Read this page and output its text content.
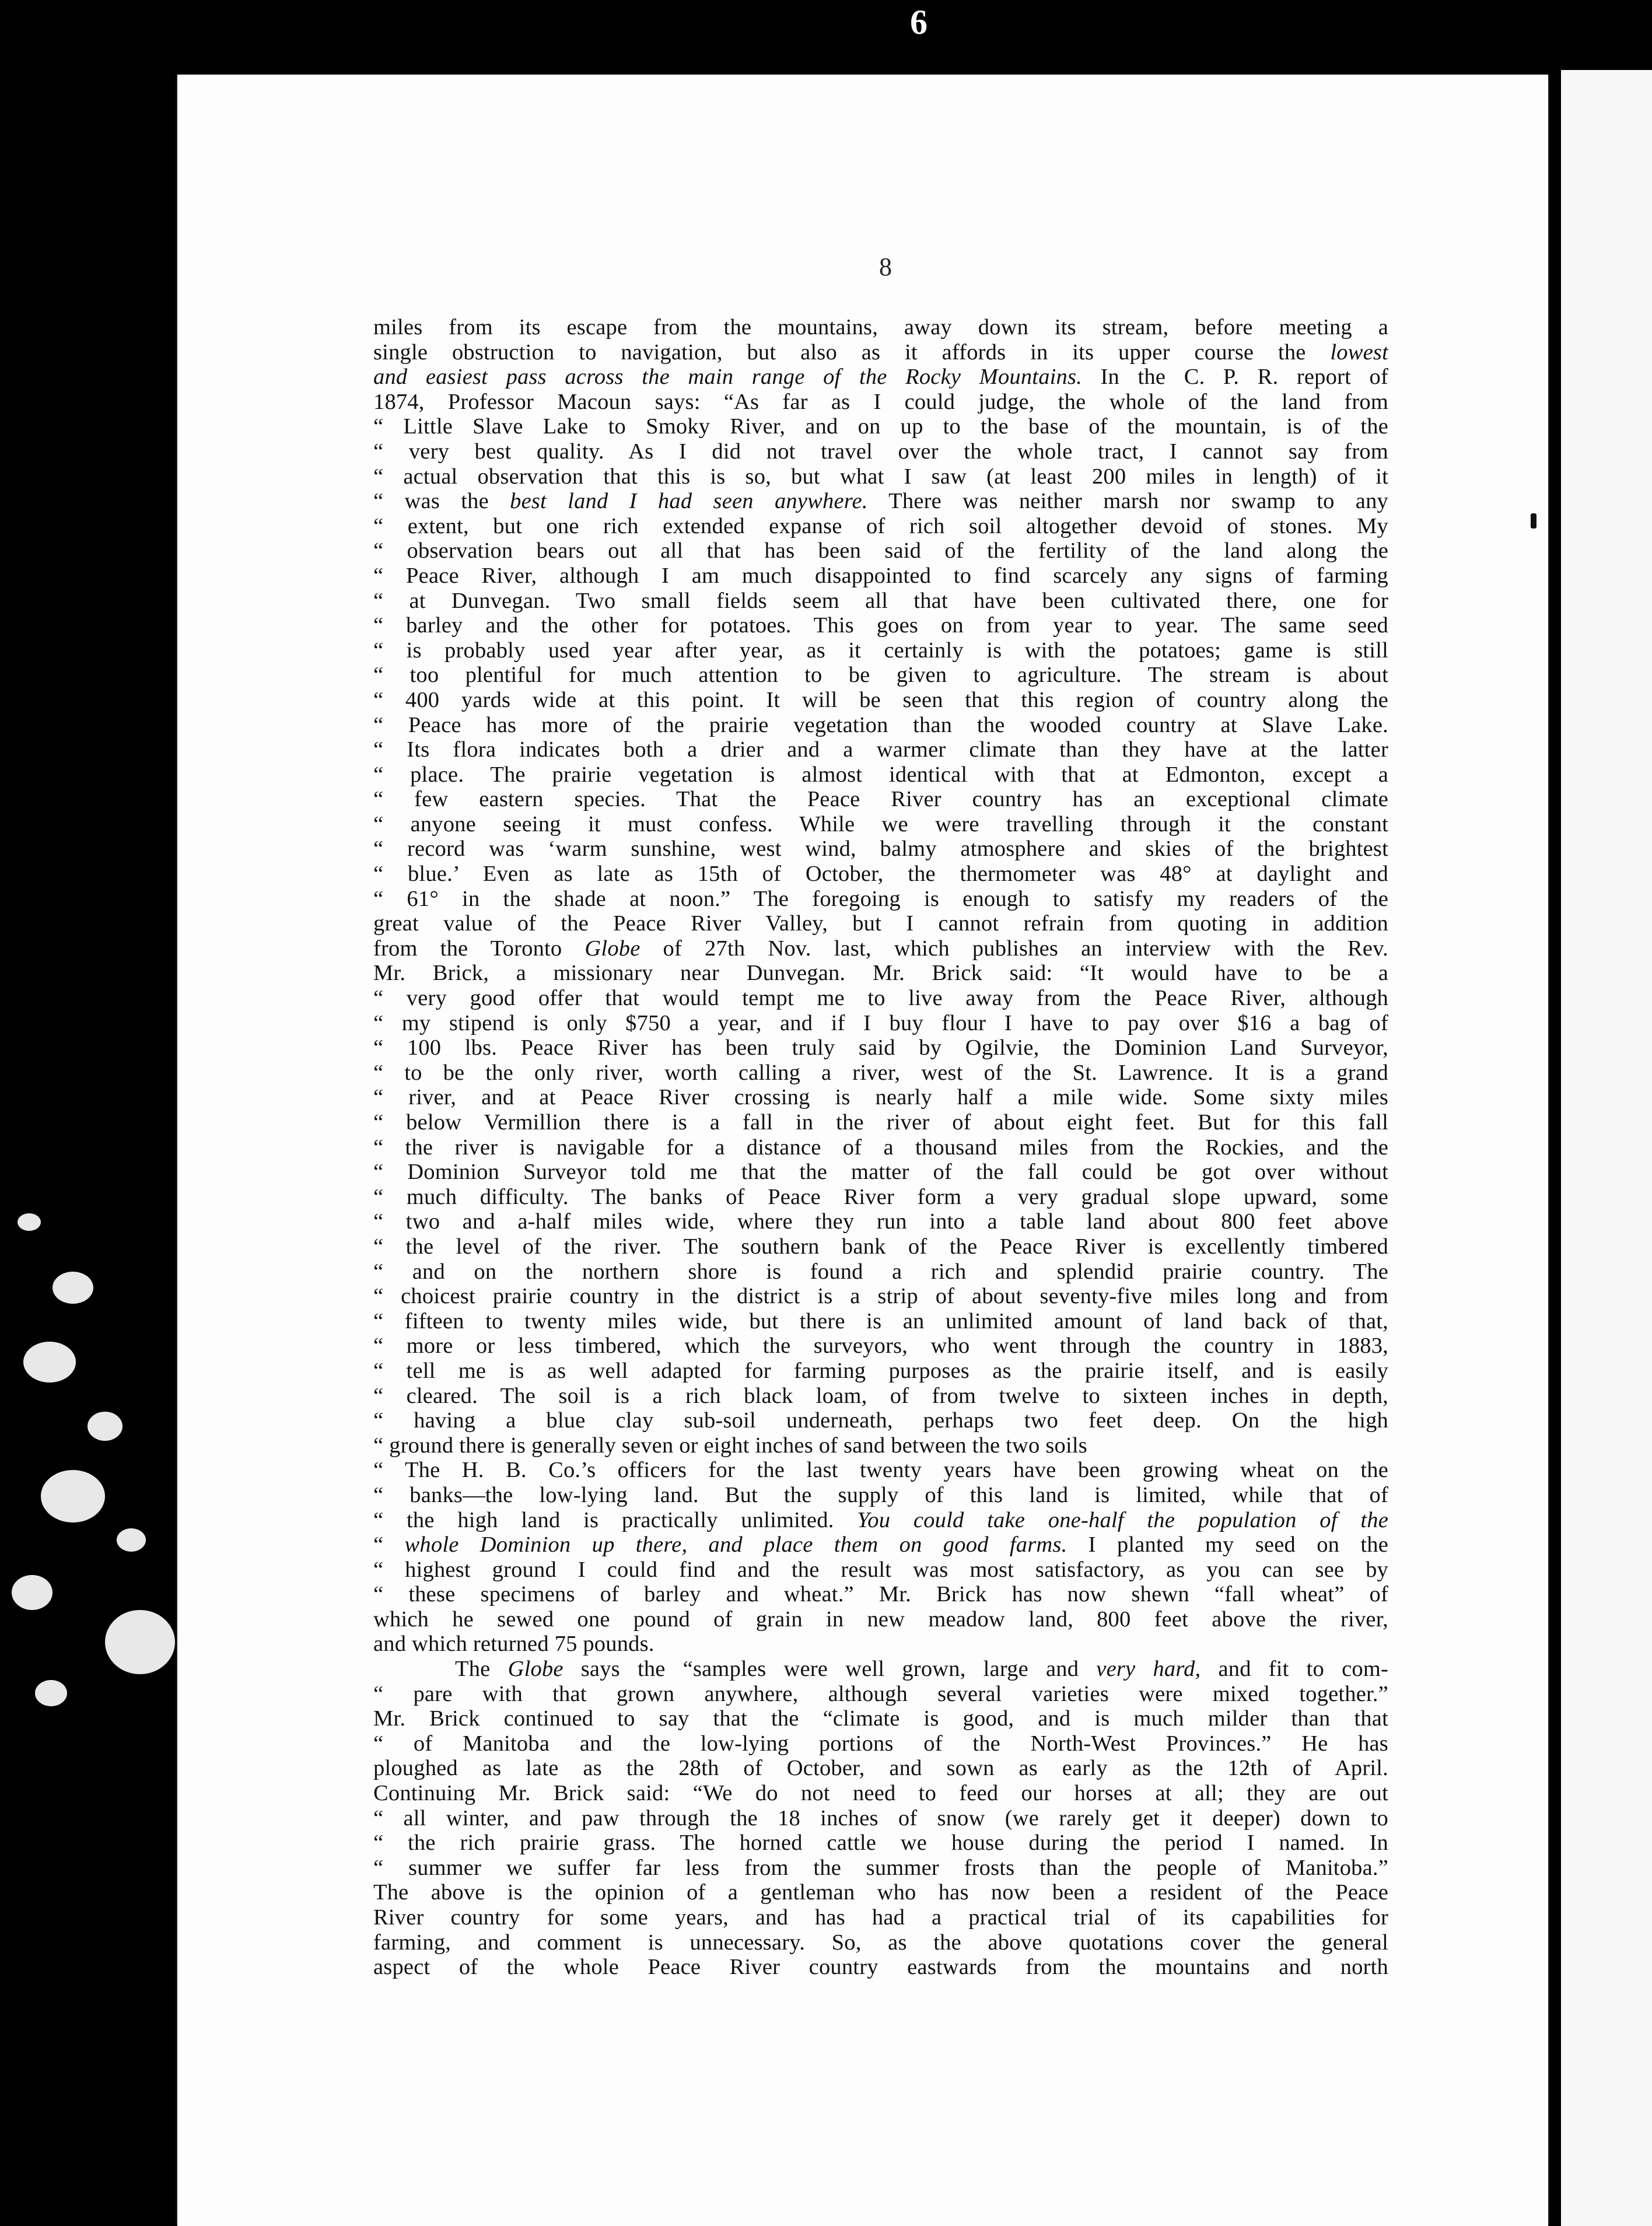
6
8
miles from its escape from the mountains, away down its stream, before meeting a
single obstruction to navigation, but also as it affords in its upper course the lowest
and easiest pass across the main range of the Rocky Mountains. In the C. P. R. report of
1874, Professor Macoun says: “As far as I could judge, the whole of the land from
“ Little Slave Lake to Smoky River, and on up to the base of the mountain, is of the
“ very best quality. As I did not travel over the whole tract, I cannot say from
“ actual observation that this is so, but what I saw (at least 200 miles in length) of it
“ was the best land I had seen anywhere. There was neither marsh nor swamp to any
“ extent, but one rich extended expanse of rich soil altogether devoid of stones. My
“ observation bears out all that has been said of the fertility of the land along the
“ Peace River, although I am much disappointed to find scarcely any signs of farming
“ at Dunvegan. Two small fields seem all that have been cultivated there, one for
“ barley and the other for potatoes. This goes on from year to year. The same seed
“ is probably used year after year, as it certainly is with the potatoes; game is still
“ too plentiful for much attention to be given to agriculture. The stream is about
“ 400 yards wide at this point. It will be seen that this region of country along the
“ Peace has more of the prairie vegetation than the wooded country at Slave Lake.
“ Its flora indicates both a drier and a warmer climate than they have at the latter
“ place. The prairie vegetation is almost identical with that at Edmonton, except a
“ few eastern species. That the Peace River country has an exceptional climate
“ anyone seeing it must confess. While we were travelling through it the constant
“ record was ‘warm sunshine, west wind, balmy atmosphere and skies of the brightest
“ blue.’ Even as late as 15th of October, the thermometer was 48° at daylight and
“ 61° in the shade at noon.” The foregoing is enough to satisfy my readers of the
great value of the Peace River Valley, but I cannot refrain from quoting in addition
from the Toronto Globe of 27th Nov. last, which publishes an interview with the Rev.
Mr. Brick, a missionary near Dunvegan. Mr. Brick said: “It would have to be a
“ very good offer that would tempt me to live away from the Peace River, although
“ my stipend is only $750 a year, and if I buy flour I have to pay over $16 a bag of
“ 100 lbs. Peace River has been truly said by Ogilvie, the Dominion Land Surveyor,
“ to be the only river, worth calling a river, west of the St. Lawrence. It is a grand
“ river, and at Peace River crossing is nearly half a mile wide. Some sixty miles
“ below Vermillion there is a fall in the river of about eight feet. But for this fall
“ the river is navigable for a distance of a thousand miles from the Rockies, and the
“ Dominion Surveyor told me that the matter of the fall could be got over without
“ much difficulty. The banks of Peace River form a very gradual slope upward, some
“ two and a-half miles wide, where they run into a table land about 800 feet above
“ the level of the river. The southern bank of the Peace River is excellently timbered
“ and on the northern shore is found a rich and splendid prairie country. The
“ choicest prairie country in the district is a strip of about seventy-five miles long and from
“ fifteen to twenty miles wide, but there is an unlimited amount of land back of that,
“ more or less timbered, which the surveyors, who went through the country in 1883,
“ tell me is as well adapted for farming purposes as the prairie itself, and is easily
“ cleared. The soil is a rich black loam, of from twelve to sixteen inches in depth,
“ having a blue clay sub-soil underneath, perhaps two feet deep. On the high
“ ground there is generally seven or eight inches of sand between the two soils
“ The H. B. Co.’s officers for the last twenty years have been growing wheat on the
“ banks—the low-lying land. But the supply of this land is limited, while that of
“ the high land is practically unlimited. You could take one-half the population of the
“ whole Dominion up there, and place them on good farms. I planted my seed on the
“ highest ground I could find and the result was most satisfactory, as you can see by
“ these specimens of barley and wheat.” Mr. Brick has now shewn “fall wheat” of
which he sewed one pound of grain in new meadow land, 800 feet above the river,
and which returned 75 pounds.
The Globe says the “samples were well grown, large and very hard, and fit to com-
“ pare with that grown anywhere, although several varieties were mixed together.”
Mr. Brick continued to say that the “climate is good, and is much milder than that
“ of Manitoba and the low-lying portions of the North-West Provinces.” He has
ploughed as late as the 28th of October, and sown as early as the 12th of April.
Continuing Mr. Brick said: “We do not need to feed our horses at all; they are out
“ all winter, and paw through the 18 inches of snow (we rarely get it deeper) down to
“ the rich prairie grass. The horned cattle we house during the period I named. In
“ summer we suffer far less from the summer frosts than the people of Manitoba.”
The above is the opinion of a gentleman who has now been a resident of the Peace
River country for some years, and has had a practical trial of its capabilities for
farming, and comment is unnecessary. So, as the above quotations cover the general
aspect of the whole Peace River country eastwards from the mountains and north
